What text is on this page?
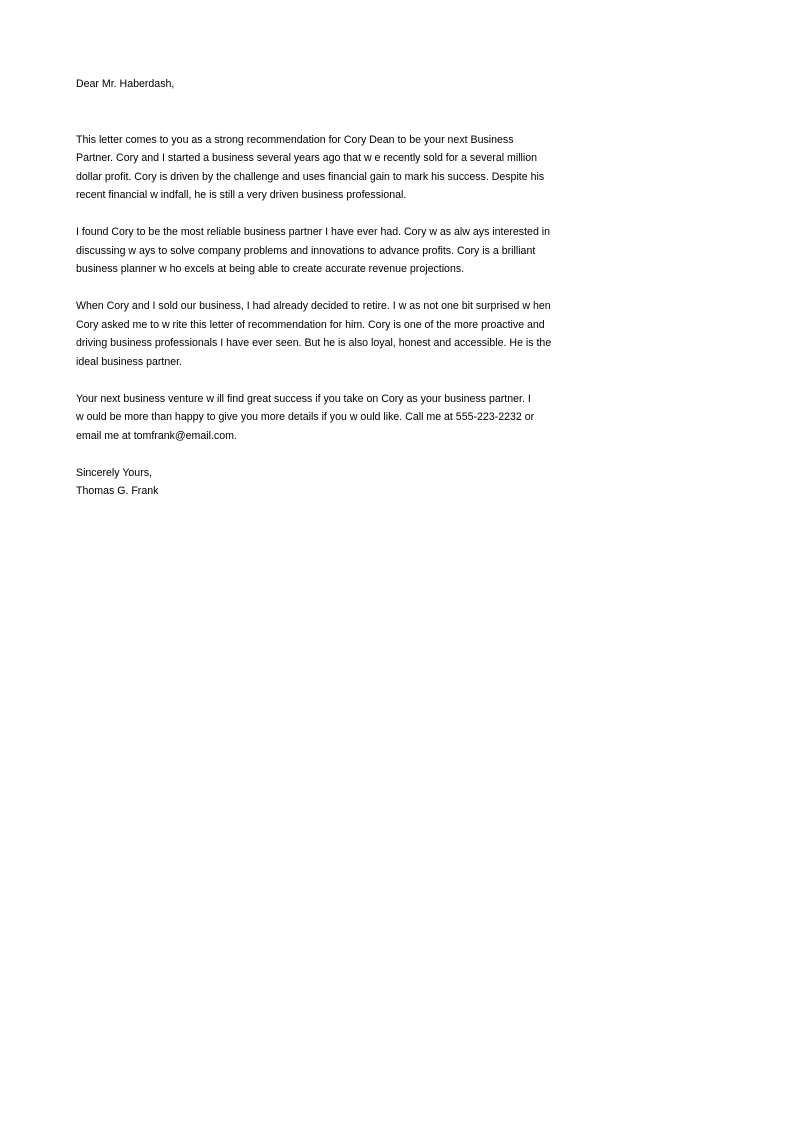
Dear Mr. Haberdash,

This letter comes to you as a strong recommendation for Cory Dean to be your next Business
Partner. Cory and I started a business several years ago that w e recently sold for a several million
dollar profit. Cory is driven by the challenge and uses financial gain to mark his success. Despite his
recent financial w indfall, he is still a very driven business professional.

I found Cory to be the most reliable business partner I have ever had. Cory w as alw ays interested in
discussing w ays to solve company problems and innovations to advance profits. Cory is a brilliant
business planner w ho excels at being able to create accurate revenue projections.

When Cory and I sold our business, I had already decided to retire. I w as not one bit surprised w hen
Cory asked me to w rite this letter of recommendation for him. Cory is one of the more proactive and
driving business professionals I have ever seen. But he is also loyal, honest and accessible. He is the
ideal business partner.

Your next business venture w ill find great success if you take on Cory as your business partner. I
w ould be more than happy to give you more details if you w ould like. Call me at 555-223-2232 or
email me at tomfrank@email.com.

Sincerely Yours,
Thomas G. Frank
